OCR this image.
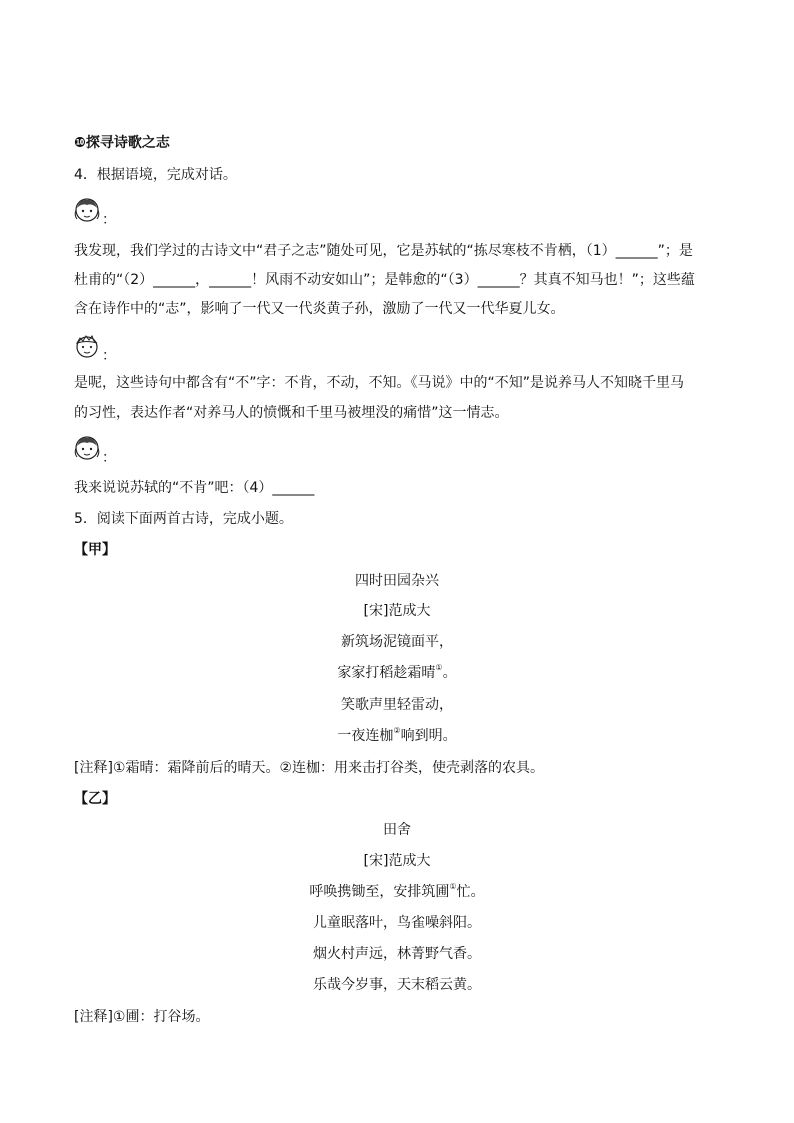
❿探寻诗歌之志
4．根据语境，完成对话。
：
我发现，我们学过的古诗文中“君子之志”随处可见，它是苏轼的“拣尽寒枝不肯栖，（1）______”；是
杜甫的“（2）______，______！风雨不动安如山”；是韩愈的“（3）______？其真不知马也！”；这些蕴
含在诗作中的“志”，影响了一代又一代炎黄子孙，激励了一代又一代华夏儿女。
：
是呢，这些诗句中都含有“不”字：不肯，不动，不知。《马说》中的“不知”是说养马人不知晓千里马
的习性，表达作者“对养马人的愤慨和千里马被埋没的痛惜”这一情志。
：
我来说说苏轼的“不肯”吧：（4）______
5．阅读下面两首古诗，完成小题。
【甲】
四时田园杂兴
[宋]范成大
新筑场泥镜面平，
家家打稻趁霜晴①。
笑歌声里轻雷动，
一夜连枷②响到明。
[注释]①霜晴：霜降前后的晴天。②连枷：用来击打谷类，使壳剥落的农具。
【乙】
田舍
[宋]范成大
呼唤携锄至，安排筑圃①忙。
儿童眠落叶，鸟雀噪斜阳。
烟火村声远，林菁野气香。
乐哉今岁事，天末稻云黄。
[注释]①圃：打谷场。
